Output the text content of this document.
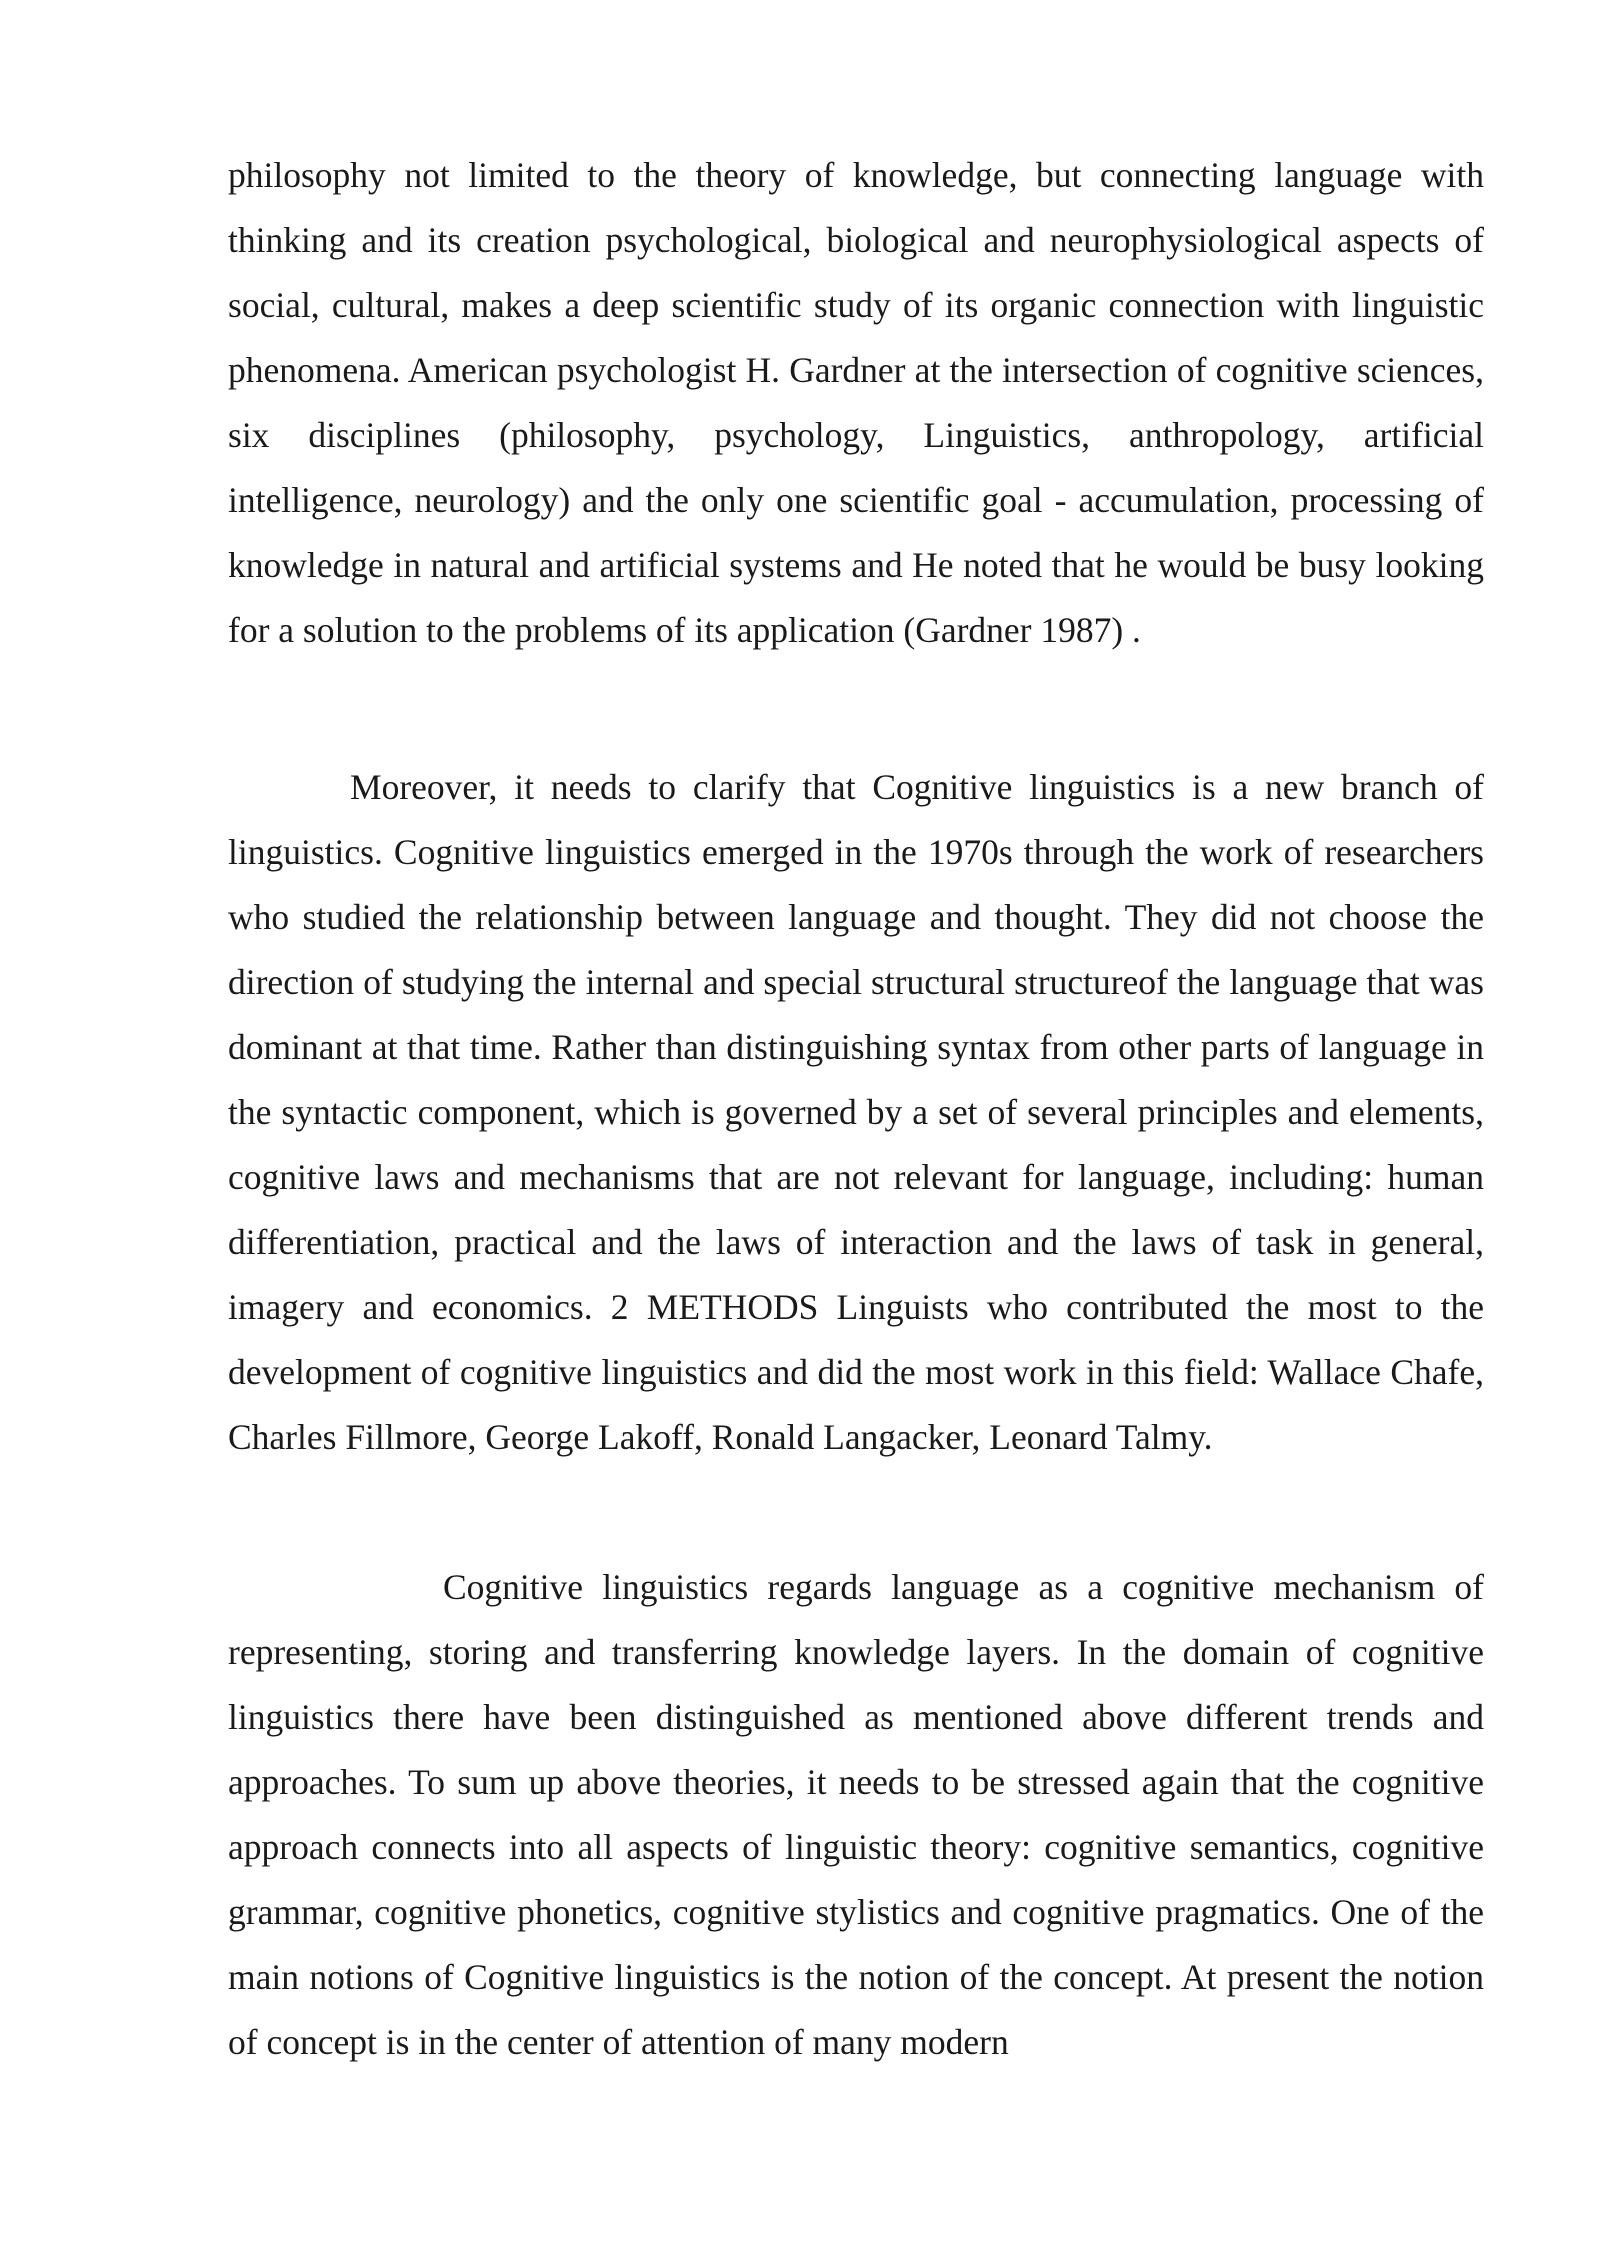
philosophy not limited to the theory of knowledge, but connecting language with thinking and its creation psychological, biological and neurophysiological aspects of social, cultural, makes a deep scientific study of its organic connection with linguistic phenomena. American psychologist H. Gardner at the intersection of cognitive sciences, six disciplines (philosophy, psychology, Linguistics, anthropology, artificial intelligence, neurology) and the only one scientific goal - accumulation, processing of knowledge in natural and artificial systems and He noted that he would be busy looking for a solution to the problems of its application (Gardner 1987) .

Moreover, it needs to clarify that Cognitive linguistics is a new branch of linguistics. Cognitive linguistics emerged in the 1970s through the work of researchers who studied the relationship between language and thought. They did not choose the direction of studying the internal and special structural structureof the language that was dominant at that time. Rather than distinguishing syntax from other parts of language in the syntactic component, which is governed by a set of several principles and elements, cognitive laws and mechanisms that are not relevant for language, including: human differentiation, practical and the laws of interaction and the laws of task in general, imagery and economics. 2 METHODS Linguists who contributed the most to the development of cognitive linguistics and did the most work in this field: Wallace Chafe, Charles Fillmore, George Lakoff, Ronald Langacker, Leonard Talmy.

Cognitive linguistics regards language as a cognitive mechanism of representing, storing and transferring knowledge layers. In the domain of cognitive linguistics there have been distinguished as mentioned above different trends and approaches. To sum up above theories, it needs to be stressed again that the cognitive approach connects into all aspects of linguistic theory: cognitive semantics, cognitive grammar, cognitive phonetics, cognitive stylistics and cognitive pragmatics. One of the main notions of Cognitive linguistics is the notion of the concept. At present the notion of concept is in the center of attention of many modern
